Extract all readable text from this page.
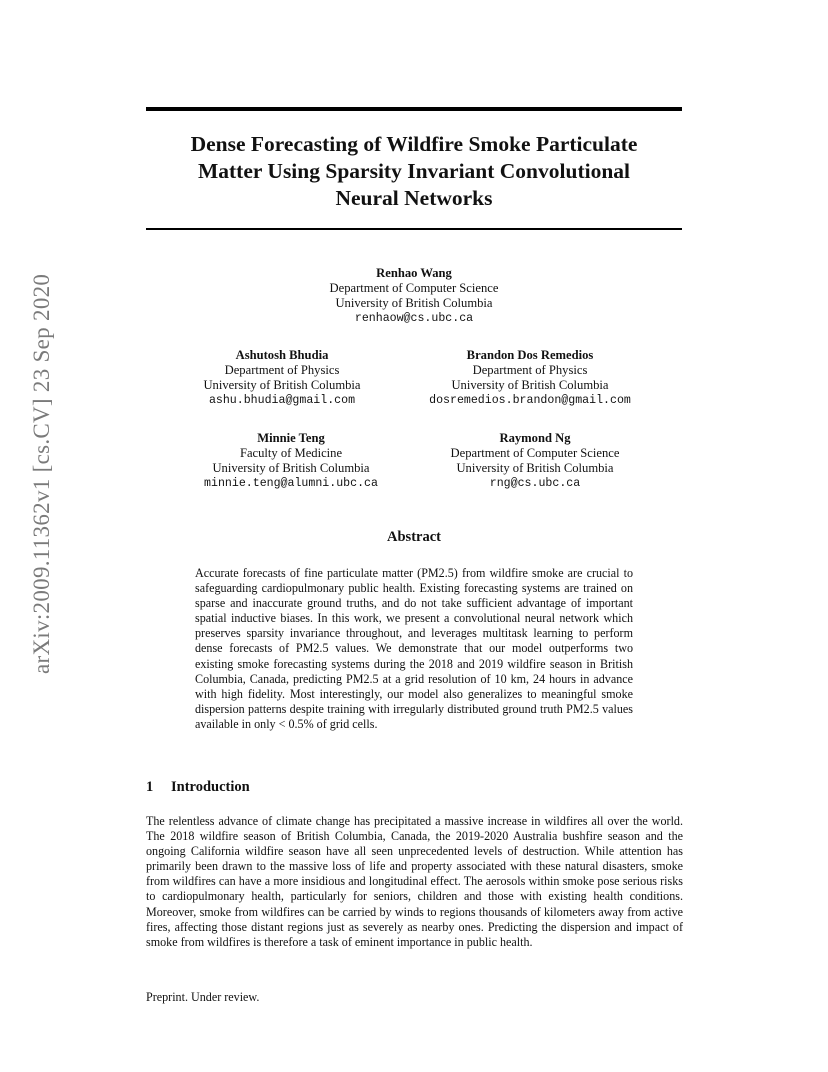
arXiv:2009.11362v1 [cs.CV] 23 Sep 2020
Dense Forecasting of Wildfire Smoke Particulate
Matter Using Sparsity Invariant Convolutional
Neural Networks
Renhao Wang
Department of Computer Science
University of British Columbia
renhaow@cs.ubc.ca
Ashutosh Bhudia
Department of Physics
University of British Columbia
ashu.bhudia@gmail.com
Brandon Dos Remedios
Department of Physics
University of British Columbia
dosremedios.brandon@gmail.com
Minnie Teng
Faculty of Medicine
University of British Columbia
minnie.teng@alumni.ubc.ca
Raymond Ng
Department of Computer Science
University of British Columbia
rng@cs.ubc.ca
Abstract

Accurate forecasts of fine particulate matter (PM2.5) from wildfire smoke are crucial to safeguarding cardiopulmonary public health. Existing forecasting systems are trained on sparse and inaccurate ground truths, and do not take sufficient advantage of important spatial inductive biases. In this work, we present a convolutional neural network which preserves sparsity invariance throughout, and leverages multitask learning to perform dense forecasts of PM2.5 values. We demonstrate that our model outperforms two existing smoke forecasting systems during the 2018 and 2019 wildfire season in British Columbia, Canada, predicting PM2.5 at a grid resolution of 10 km, 24 hours in advance with high fidelity. Most interestingly, our model also generalizes to meaningful smoke dispersion patterns despite training with irregularly distributed ground truth PM2.5 values available in only < 0.5% of grid cells.

1 Introduction

The relentless advance of climate change has precipitated a massive increase in wildfires all over the world. The 2018 wildfire season of British Columbia, Canada, the 2019-2020 Australia bushfire season and the ongoing California wildfire season have all seen unprecedented levels of destruction. While attention has primarily been drawn to the massive loss of life and property associated with these natural disasters, smoke from wildfires can have a more insidious and longitudinal effect. The aerosols within smoke pose serious risks to cardiopulmonary health, particularly for seniors, children and those with existing health conditions. Moreover, smoke from wildfires can be carried by winds to regions thousands of kilometers away from active fires, affecting those distant regions just as severely as nearby ones. Predicting the dispersion and impact of smoke from wildfires is therefore a task of eminent importance in public health.

Preprint. Under review.
